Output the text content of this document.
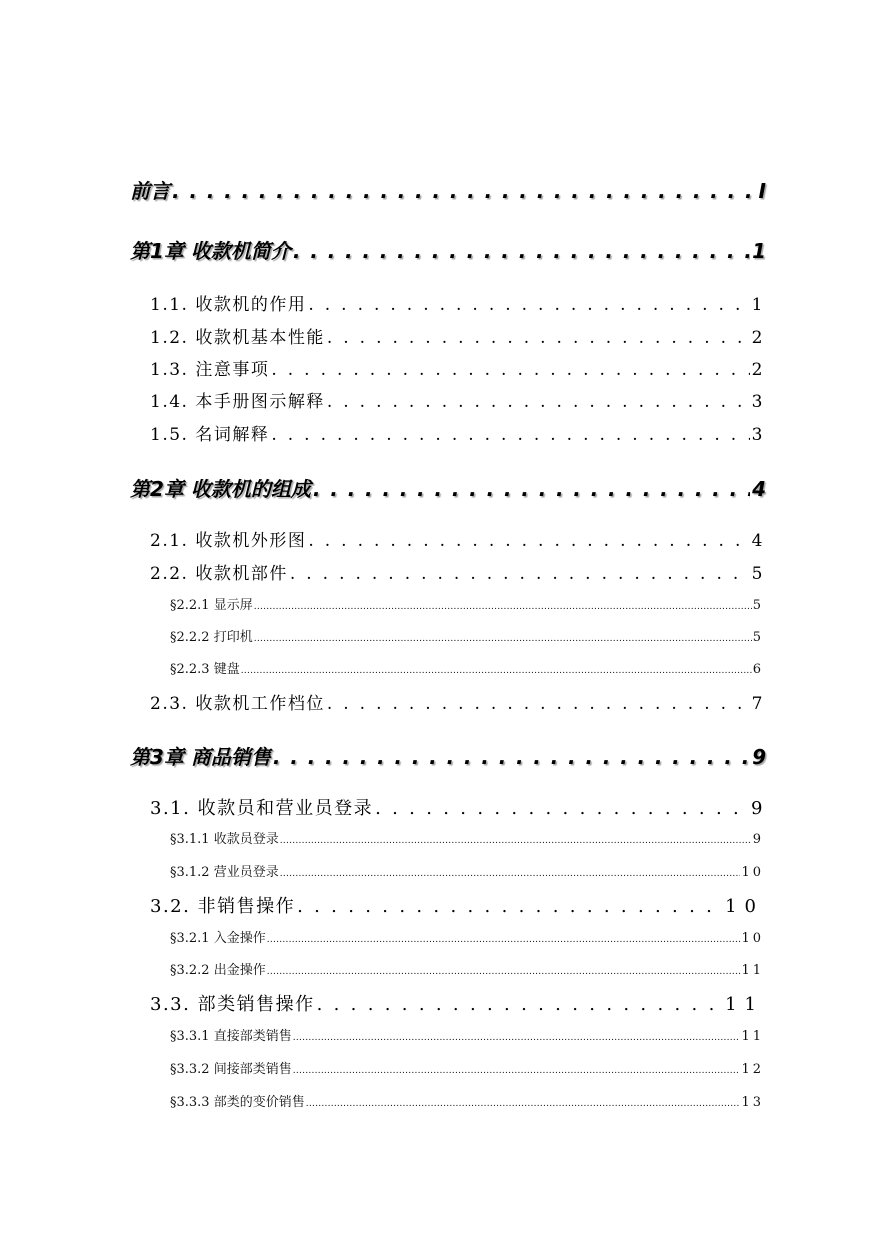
前言 . . .	I
第1章 收款机简介 . . .	1
1.1. 收款机的作用 . . .	1
1.2. 收款机基本性能 . . .	2
1.3. 注意事项 . . .	2
1.4. 本手册图示解释 . . .	3
1.5. 名词解释 . . .	3
第2章 收款机的组成 . . .	4
2.1. 收款机外形图 . . .	4
2.2. 收款机部件 . . .	5
§2.2.1 显示屏 . . .	5
§2.2.2 打印机 . . .	5
§2.2.3 键盘 . . .	6
2.3. 收款机工作档位 . . .	7
第3章 商品销售 . . .	9
3.1. 收款员和营业员登录 . . .	9
§3.1.1 收款员登录 . . .	9
§3.1.2 营业员登录 . . .	10
3.2. 非销售操作 . . .	10
§3.2.1 入金操作 . . .	10
§3.2.2 出金操作 . . .	11
3.3. 部类销售操作 . . .	11
§3.3.1 直接部类销售 . . .	11
§3.3.2 间接部类销售 . . .	12
§3.3.3 部类的变价销售 . . .	13
